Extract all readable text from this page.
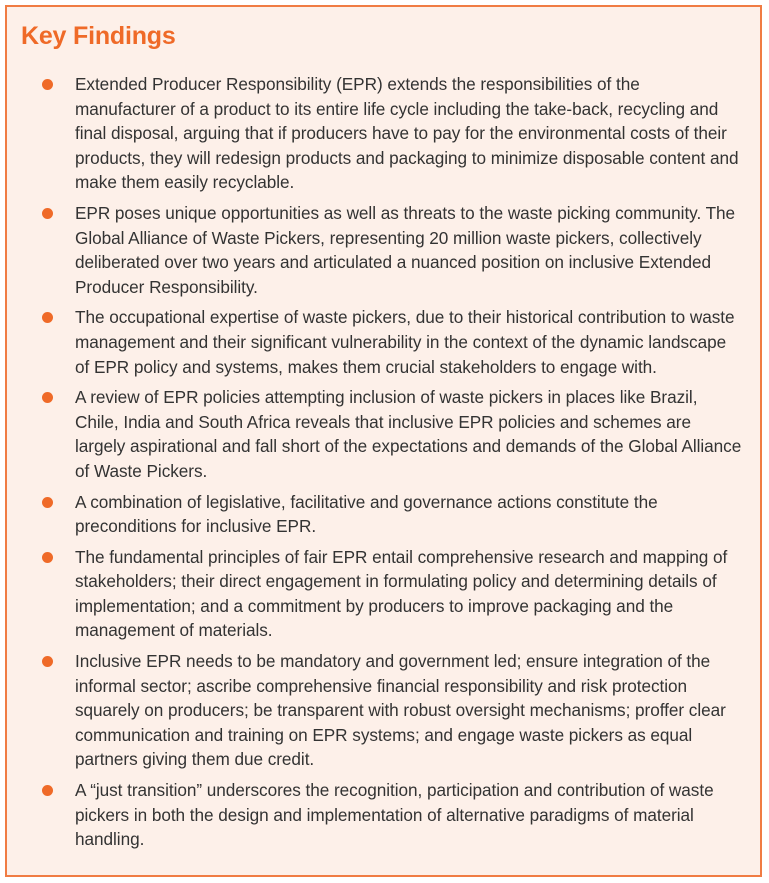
Key Findings
Extended Producer Responsibility (EPR) extends the responsibilities of the manufacturer of a product to its entire life cycle including the take-back, recycling and final disposal, arguing that if producers have to pay for the environmental costs of their products, they will redesign products and packaging to minimize disposable content and make them easily recyclable.
EPR poses unique opportunities as well as threats to the waste picking community. The Global Alliance of Waste Pickers, representing 20 million waste pickers, collectively deliberated over two years and articulated a nuanced position on inclusive Extended Producer Responsibility.
The occupational expertise of waste pickers, due to their historical contribution to waste management and their significant vulnerability in the context of the dynamic landscape of EPR policy and systems, makes them crucial stakeholders to engage with.
A review of EPR policies attempting inclusion of waste pickers in places like Brazil, Chile, India and South Africa reveals that inclusive EPR policies and schemes are largely aspirational and fall short of the expectations and demands of the Global Alliance of Waste Pickers.
A combination of legislative, facilitative and governance actions constitute the preconditions for inclusive EPR.
The fundamental principles of fair EPR entail comprehensive research and mapping of stakeholders; their direct engagement in formulating policy and determining details of implementation; and a commitment by producers to improve packaging and the management of materials.
Inclusive EPR needs to be mandatory and government led; ensure integration of the informal sector; ascribe comprehensive financial responsibility and risk protection squarely on producers; be transparent with robust oversight mechanisms; proffer clear communication and training on EPR systems; and engage waste pickers as equal partners giving them due credit.
A “just transition” underscores the recognition, participation and contribution of waste pickers in both the design and implementation of alternative paradigms of material handling.
